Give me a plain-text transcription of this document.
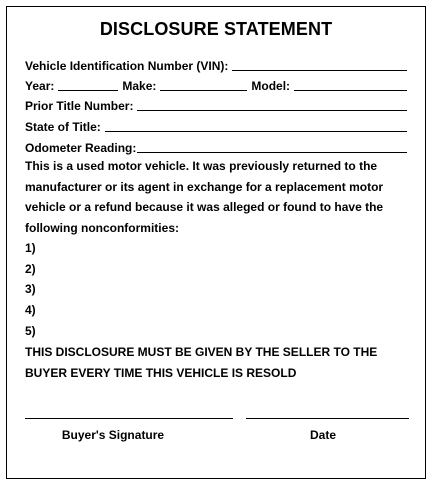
DISCLOSURE STATEMENT
Vehicle Identification Number (VIN):
Year:	Make:	Model:
Prior Title Number:
State of Title:
Odometer Reading:
This is a used motor vehicle. It was previously returned to the
manufacturer or its agent in exchange for a replacement motor
vehicle or a refund because it was alleged or found to have the
following nonconformities:
1)
2)
3)
4)
5)
THIS DISCLOSURE MUST BE GIVEN BY THE SELLER TO THE
BUYER EVERY TIME THIS VEHICLE IS RESOLD
Buyer's Signature	Date
